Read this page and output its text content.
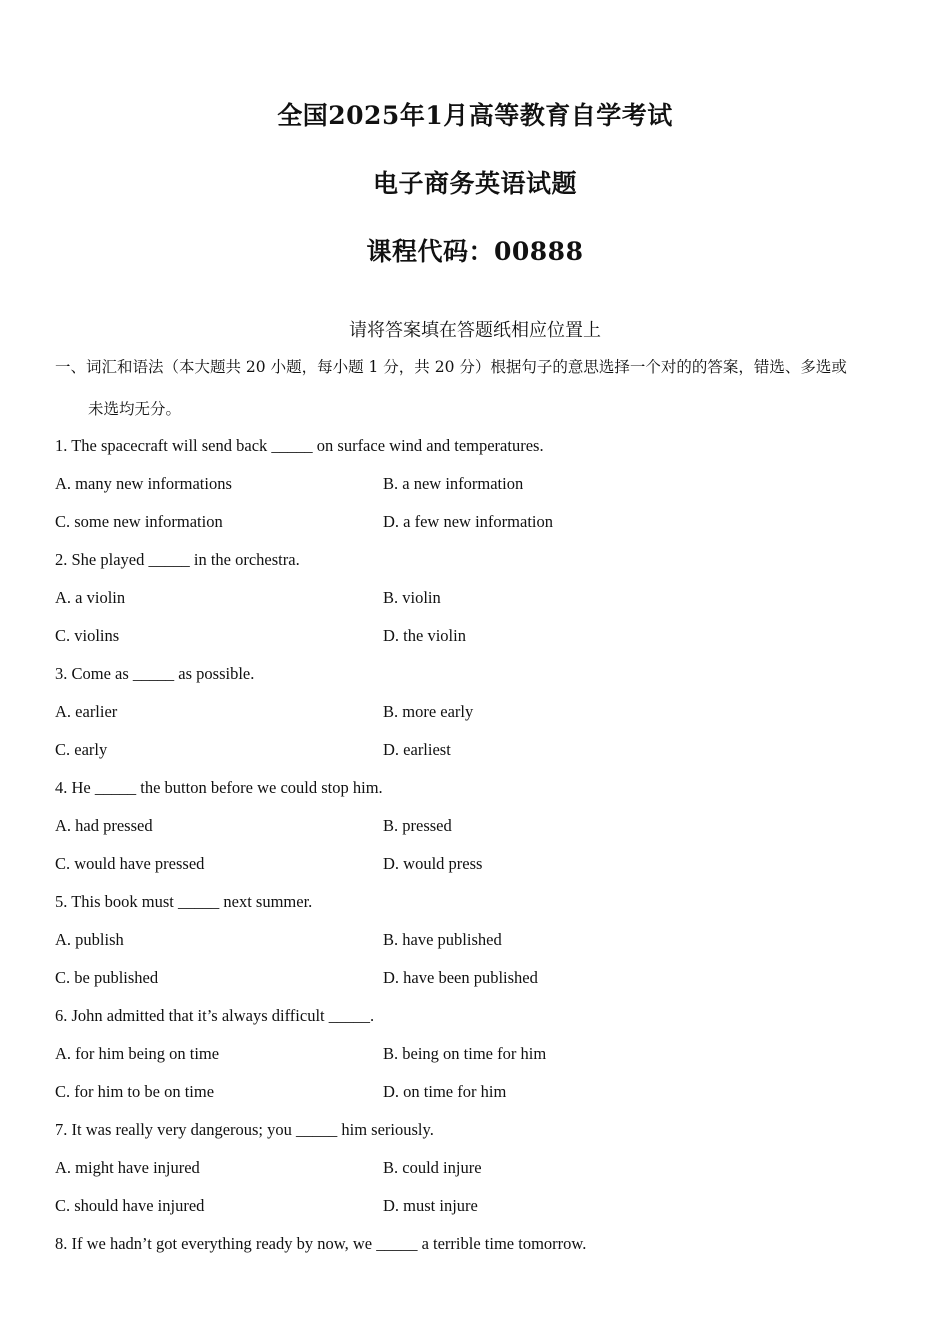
全国2025年1月高等教育自学考试
电子商务英语试题
课程代码：00888
请将答案填在答题纸相应位置上
一、词汇和语法（本大题共 20 小题，每小题 1 分，共 20 分）根据句子的意思选择一个对的的答案，错选、多选或
未选均无分。
1. The spacecraft will send back _____ on surface wind and temperatures.
A. many new informations	B. a new information
C. some new information	D. a few new information
2. She played _____ in the orchestra.
A. a violin	B. violin
C. violins	D. the violin
3. Come as _____ as possible.
A. earlier	B. more early
C. early	D. earliest
4. He _____ the button before we could stop him.
A. had pressed	B. pressed
C. would have pressed	D. would press
5. This book must _____ next summer.
A. publish	B. have published
C. be published	D. have been published
6. John admitted that it’s always difficult _____.
A. for him being on time	B. being on time for him
C. for him to be on time	D. on time for him
7. It was really very dangerous; you _____ him seriously.
A. might have injured	B. could injure
C. should have injured	D. must injure
8. If we hadn’t got everything ready by now, we _____ a terrible time tomorrow.
